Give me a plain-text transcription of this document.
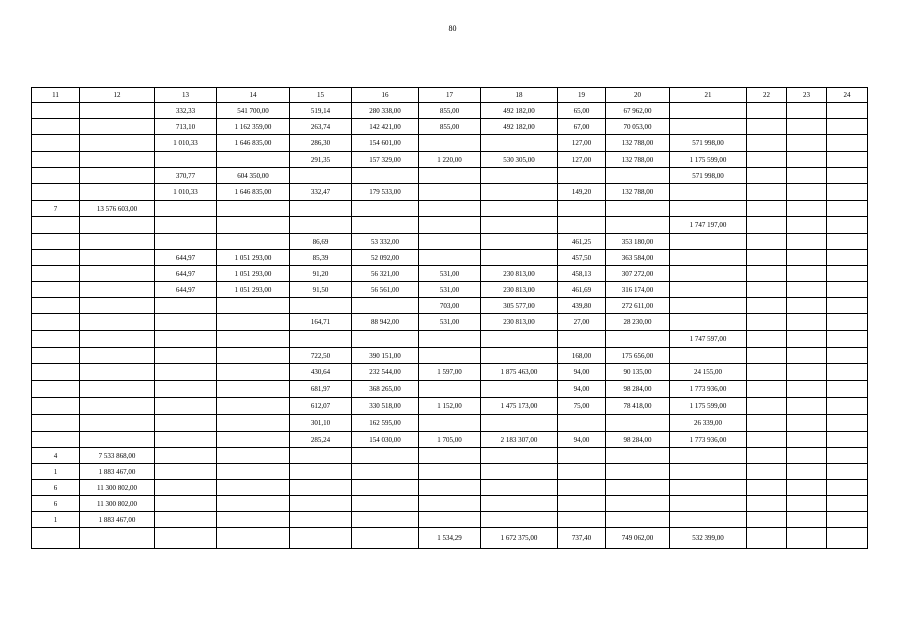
80
11	12	13	14	15	16	17	18	19	20	21	22	23	24
		332,33	541 700,00	519,14	280 338,00	855,00	492 182,00	65,00	67 962,00				
		713,10	1 162 359,00	263,74	142 421,00	855,00	492 182,00	67,00	70 053,00				
		1 010,33	1 646 835,00	286,30	154 601,00			127,00	132 788,00	571 998,00			
				291,35	157 329,00	1 220,00	530 305,00	127,00	132 788,00	1 175 599,00			
		370,77	604 350,00							571 998,00			
		1 010,33	1 646 835,00	332,47	179 533,00			149,20	132 788,00				
7	13 576 603,00												
										1 747 197,00			
				86,69	53 332,00			461,25	353 180,00				
		644,97	1 051 293,00	85,39	52 092,00			457,50	363 584,00				
		644,97	1 051 293,00	91,20	56 321,00	531,00	230 813,00	458,13	307 272,00				
		644,97	1 051 293,00	91,50	56 561,00	531,00	230 813,00	461,69	316 174,00				
						703,00	305 577,00	439,80	272 611,00				
				164,71	88 942,00	531,00	230 813,00	27,00	28 230,00				
										1 747 597,00			
				722,50	390 151,00			168,00	175 656,00				
				430,64	232 544,00	1 597,00	1 875 463,00	94,00	90 135,00	24 155,00			
				681,97	368 265,00			94,00	98 284,00	1 773 936,00			
				612,07	330 518,00	1 152,00	1 475 173,00	75,00	78 418,00	1 175 599,00			
				301,10	162 595,00					26 339,00			
				285,24	154 030,00	1 705,00	2 183 307,00	94,00	98 284,00	1 773 936,00			
4	7 533 868,00												
1	1 883 467,00												
6	11 300 802,00												
6	11 300 802,00												
1	1 883 467,00												
						1 534,29	1 672 375,00	737,40	749 062,00	532 399,00			
